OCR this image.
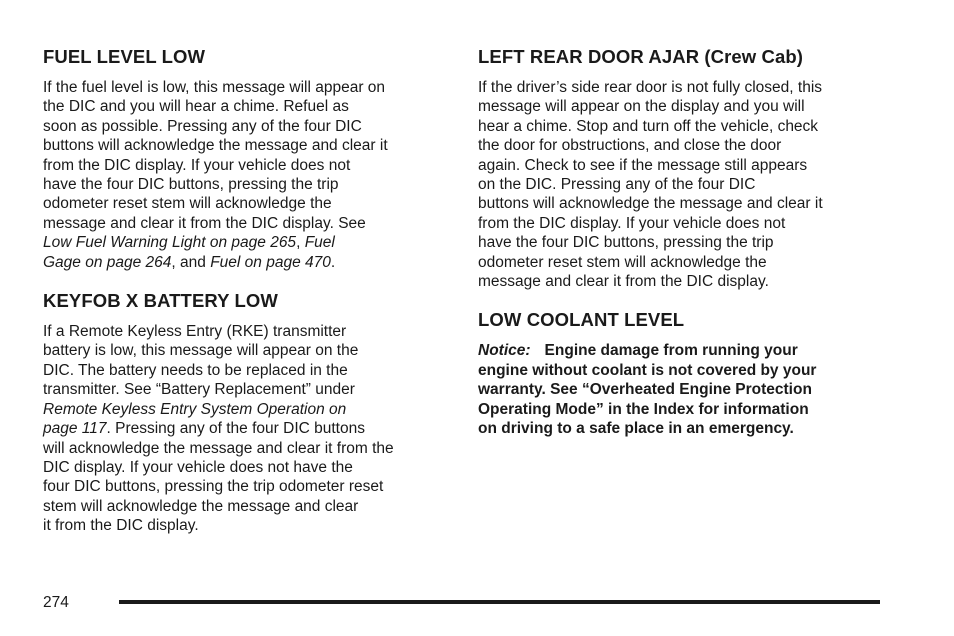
FUEL LEVEL LOW

If the fuel level is low, this message will appear on
the DIC and you will hear a chime. Refuel as
soon as possible. Pressing any of the four DIC
buttons will acknowledge the message and clear it
from the DIC display. If your vehicle does not
have the four DIC buttons, pressing the trip
odometer reset stem will acknowledge the
message and clear it from the DIC display. See
Low Fuel Warning Light on page 265, Fuel
Gage on page 264, and Fuel on page 470.

KEYFOB X BATTERY LOW

If a Remote Keyless Entry (RKE) transmitter
battery is low, this message will appear on the
DIC. The battery needs to be replaced in the
transmitter. See “Battery Replacement” under
Remote Keyless Entry System Operation on
page 117. Pressing any of the four DIC buttons
will acknowledge the message and clear it from the
DIC display. If your vehicle does not have the
four DIC buttons, pressing the trip odometer reset
stem will acknowledge the message and clear
it from the DIC display.

LEFT REAR DOOR AJAR (Crew Cab)

If the driver’s side rear door is not fully closed, this
message will appear on the display and you will
hear a chime. Stop and turn off the vehicle, check
the door for obstructions, and close the door
again. Check to see if the message still appears
on the DIC. Pressing any of the four DIC
buttons will acknowledge the message and clear it
from the DIC display. If your vehicle does not
have the four DIC buttons, pressing the trip
odometer reset stem will acknowledge the
message and clear it from the DIC display.

LOW COOLANT LEVEL

Notice: Engine damage from running your
engine without coolant is not covered by your
warranty. See “Overheated Engine Protection
Operating Mode” in the Index for information
on driving to a safe place in an emergency.

274
